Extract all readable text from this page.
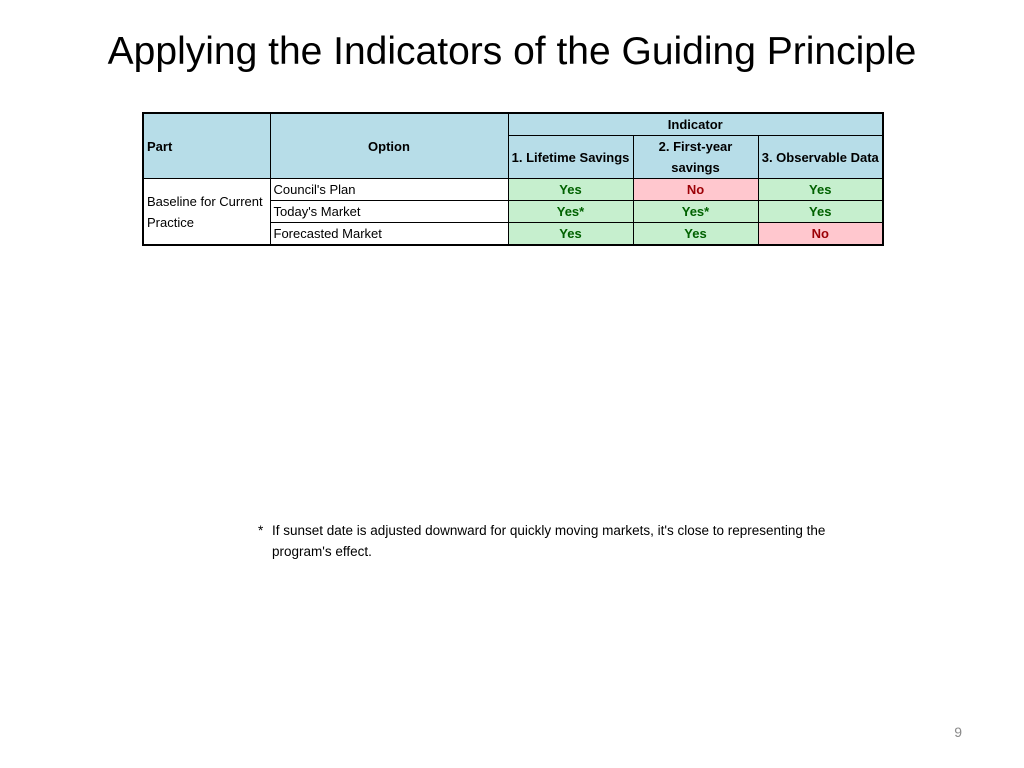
Applying the Indicators of the Guiding Principle
Part	Option	Indicator		
		1. Lifetime Savings	2. First-year savings	3. Observable Data
Baseline for Current Practice	Council's Plan	Yes	No	Yes
	Today's Market	Yes*	Yes*	Yes
	Forecasted Market	Yes	Yes	No
* If sunset date is adjusted downward for quickly moving markets, it's close to representing the program's effect.
9
